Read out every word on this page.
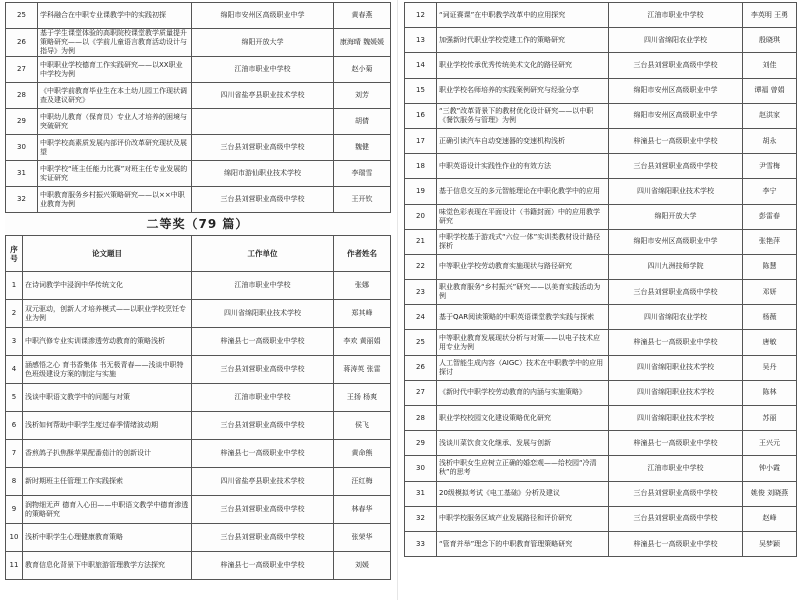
25	学科融合在中职专业课教学中的实践初探	绵阳市安州区高级职业中学	黄春燕
26	基于学生课堂体验的高职院校课堂教学质量提升策略研究——以《学前儿童语言教育活动设计与指导》为例	绵阳开放大学	康海晴 魏媛媛
27	中职职业学校德育工作实践研究——以XX职业中学校为例	江油市职业中学校	赵小菊
28	《中职学前教育毕业生在本土幼儿园工作现状调查及建议研究》	四川省盐亭县职业技术学校	刘芳
29	中职幼儿教育（保育员）专业人才培养的困境与突破研究		胡倩
30	中职学校高素质发展内部评价改革研究现状及展望	三台县刘营职业高级中学校	魏健
31	中职学校“班主任能力比赛”对班主任专业发展的实证研究	绵阳市游仙职业技术学校	李瑞雪
32	中职教育服务乡村振兴策略研究——以××中职业教育为例	三台县刘营职业高级中学校	王开钦
二等奖（79 篇）
序号	论文题目	工作单位	作者姓名
1	在诗词教学中浸润中华传统文化	江油市职业中学校	张娜
2	双元驱动，创新人才培养模式——以职业学校烹饪专业为例	四川省绵阳职业技术学校	郑其峰
3	中职汽修专业实训课渗透劳动教育的策略浅析	梓潼县七一高级职业中学校	李欢 黄丽娟
4	涵感悟之心 育书香集体 书无极青春——浅谈中职特色班级建设方案的制定与实施	三台县刘营职业高级中学校	蒋涛英 张雷
5	浅谈中职语文教学中的问题与对策	江油市职业中学校	王扬 杨爽
6	浅析如何帮助中职学生度过春季情绪波动期	三台县刘营职业高级中学校	侯飞
7	香煎鸽子扒焦酥苹果配番茄汁的创新设计	梓潼县七一高级职业中学校	黄命熊
8	新时期班主任管理工作实践探索	四川省盐亭县职业技术学校	汪红梅
9	润物细无声 德育入心田——中职语文教学中德育渗透的策略研究	三台县刘营职业高级中学校	林春华
10	浅析中职学生心理健康教育策略	三台县刘营职业高级中学校	张荣华
11	教育信息化背景下中职旅游管理教学方法探究	梓潼县七一高级职业中学校	刘媛
12	“词证赛课”在中职教学改革中的应用探究	江油市职业中学校	李英明 王勇
13	加强新时代职业学校党建工作的策略研究	四川省绵阳农业学校	殷晓琪
14	职业学校传承优秀传统美术文化的路径研究	三台县刘营职业高级中学校	刘佳
15	职业学校名师培养的实践案例研究与经验分享	绵阳市安州区高级职业中学	谭福 曾娟
16	“三教”改革背景下的教材优化设计研究——以中职《餐饮服务与管理》为例	绵阳市安州区高级职业中学	赵洪家
17	正确引读汽车自动变速器的变速机构浅析	梓潼县七一高级职业中学校	胡永
18	中职英语设计实践性作业的有效方法	三台县刘营职业高级中学校	尹雪梅
19	基于信息交互的多元智能理论在中职化教学中的应用	四川省绵阳职业技术学校	李宁
20	味觉色彩表现在平面设计（书籍封面）中的应用教学研究	绵阳开放大学	彭雷春
21	中职学校基于游戏式“六位一体”实训类教材设计路径探析	绵阳市安州区高级职业中学	张艳萍
22	中等职业学校劳动教育实施现状与路径研究	四川九洲技师学院	陈慧
23	职业教育服务“乡村振兴”研究——以美育实践活动为例	三台县刘营职业高级中学校	邓妍
24	基于QAR阅读策略的中职英语课堂教学实践与探索	四川省绵阳农业学校	杨薇
25	中等职业教育发展现状分析与对策——以电子技术应用专业为例	梓潼县七一高级职业中学校	唐敏
26	人工智能生成内容（AIGC）技术在中职教学中的应用探讨	四川省绵阳职业技术学校	吴丹
27	《新时代中职学校劳动教育的内涵与实施策略》	四川省绵阳职业技术学校	陈林
28	职业学校校园文化建设策略优化研究	四川省绵阳职业技术学校	苏丽
29	浅谈川菜饮食文化继承、发展与创新	梓潼县七一高级职业中学校	王兴元
30	浅析中职女生应树立正确的婚恋观——给校园“冷清秋”的思考	江油市职业中学校	钟小霞
31	20级模拟考试《电工基础》分析及建议	三台县刘营职业高级中学校	姚俊 刘晓燕
32	中职学校服务区域产业发展路径和评价研究	三台县刘营职业高级中学校	赵峰
33	“管育并举”理念下的中职教育管理策略研究	梓潼县七一高级职业中学校	吴梦颖
